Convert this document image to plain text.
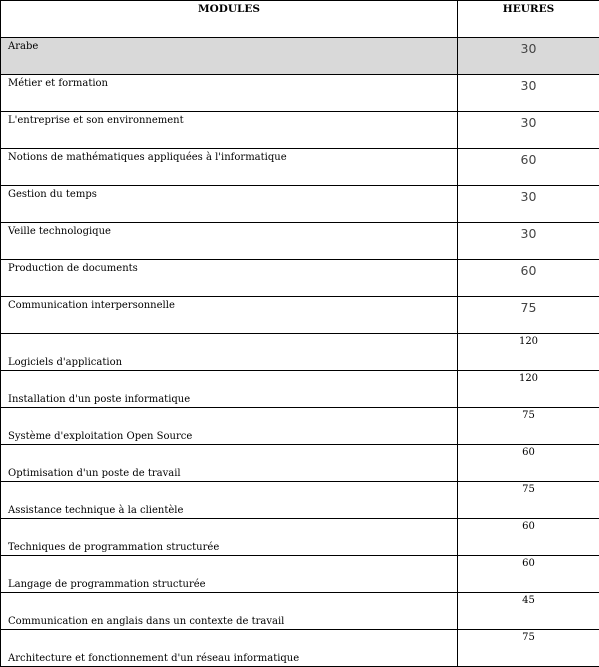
MODULES	HEURES
Arabe	30
Métier et formation	30
L'entreprise et son environnement	30
Notions de mathématiques appliquées à l'informatique	60
Gestion du temps	30
Veille technologique	30
Production de documents	60
Communication interpersonnelle	75
Logiciels d'application	120
Installation d'un poste informatique	120
Système d'exploitation Open Source	75
Optimisation d'un poste de travail	60
Assistance technique à la clientèle	75
Techniques de programmation structurée	60
Langage de programmation structurée	60
Communication en anglais dans un contexte de travail	45
Architecture et fonctionnement d'un réseau informatique	75
